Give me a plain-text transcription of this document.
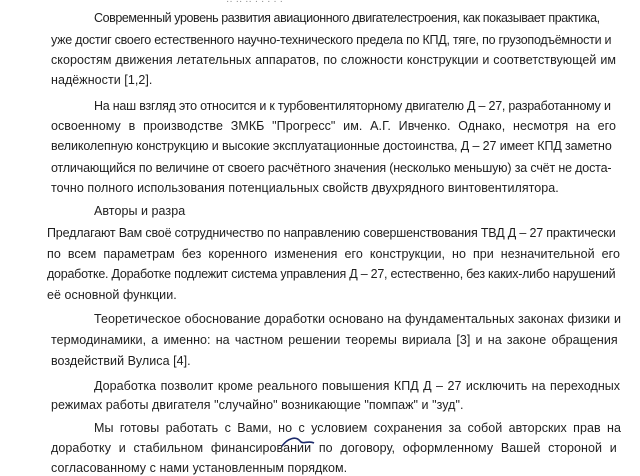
·· ·· ·· · · · · ·

Современный уровень развития авиационного двигателестроения, как показывает практика,

уже достиг своего естественного научно-технического предела по КПД, тяге, по грузоподъёмности и

скоростям движения летательных аппаратов, по сложности конструкции и соответствующей им

надёжности [1,2].

На наш взгляд это относится и к турбовентиляторному двигателю Д – 27, разработанному и

освоенному в производстве ЗМКБ "Прогресс" им. А.Г. Ивченко. Однако, несмотря на его

великолепную конструкцию и высокие эксплуатационные достоинства, Д – 27 имеет КПД заметно

отличающийся по величине от своего расчётного значения (несколько меньшую) за счёт не доста-

точно полного использования потенциальных свойств двухрядного винтовентилятора.

Авторы и разра

Предлагают Вам своё сотрудничество по направлению совершенствования ТВД Д – 27 практически

по всем параметрам без коренного изменения его конструкции, но при незначительной его

доработке. Доработке подлежит система управления Д – 27, естественно, без каких-либо нарушений

её основной функции.

Теоретическое обоснование доработки основано на фундаментальных законах физики и

термодинамики, а именно: на частном решении теоремы вириала [3] и на законе обращения

воздействий Вулиса [4].

Доработка позволит кроме реального повышения КПД Д – 27 исключить на переходных

режимах работы двигателя "случайно" возникающие "помпаж" и "зуд".

Мы готовы работать с Вами, но с условием сохранения за собой авторских прав на

доработку и стабильном финансировании по договору, оформленному Вашей стороной и

согласованному с нами установленным порядком.
